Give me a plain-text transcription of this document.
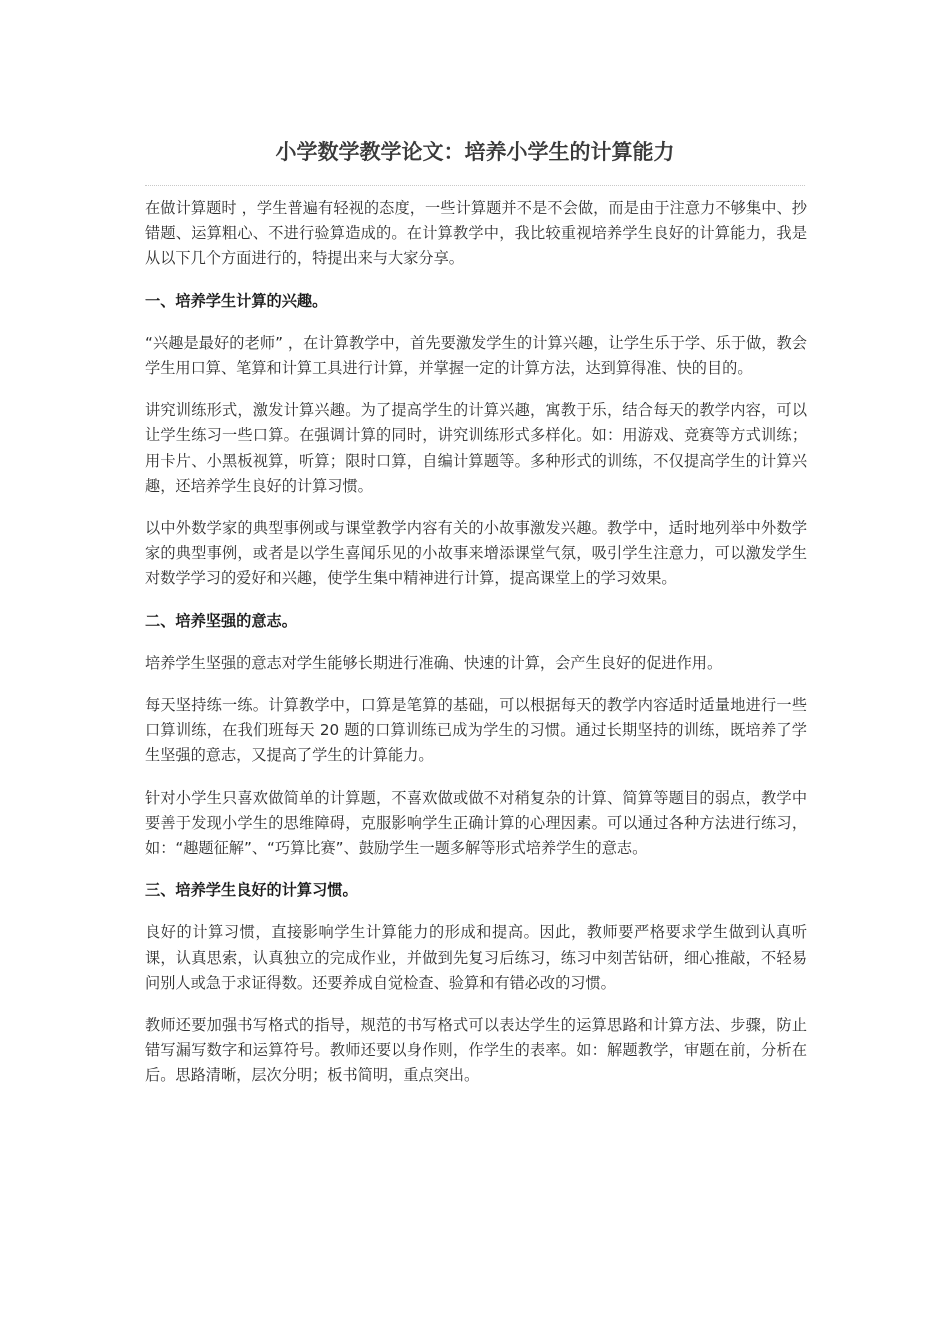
小学数学教学论文：培养小学生的计算能力

在做计算题时 ，学生普遍有轻视的态度，一些计算题并不是不会做，而是由于注意力不够集中、抄错题、运算粗心、不进行验算造成的。在计算教学中，我比较重视培养学生良好的计算能力，我是从以下几个方面进行的，特提出来与大家分享。

一、培养学生计算的兴趣。

“兴趣是最好的老师” ，在计算教学中，首先要激发学生的计算兴趣，让学生乐于学、乐于做，教会学生用口算、笔算和计算工具进行计算，并掌握一定的计算方法，达到算得准、快的目的。

讲究训练形式，激发计算兴趣。为了提高学生的计算兴趣，寓教于乐，结合每天的教学内容，可以让学生练习一些口算。在强调计算的同时，讲究训练形式多样化。如：用游戏、竞赛等方式训练；用卡片、小黑板视算，听算；限时口算，自编计算题等。多种形式的训练，不仅提高学生的计算兴趣，还培养学生良好的计算习惯。

以中外数学家的典型事例或与课堂教学内容有关的小故事激发兴趣。教学中，适时地列举中外数学家的典型事例，或者是以学生喜闻乐见的小故事来增添课堂气氛，吸引学生注意力，可以激发学生对数学学习的爱好和兴趣，使学生集中精神进行计算，提高课堂上的学习效果。

二、培养坚强的意志。

培养学生坚强的意志对学生能够长期进行准确、快速的计算，会产生良好的促进作用。

每天坚持练一练。计算教学中，口算是笔算的基础，可以根据每天的教学内容适时适量地进行一些口算训练，在我们班每天 20 题的口算训练已成为学生的习惯。通过长期坚持的训练，既培养了学生坚强的意志，又提高了学生的计算能力。

针对小学生只喜欢做简单的计算题，不喜欢做或做不对稍复杂的计算、简算等题目的弱点，教学中要善于发现小学生的思维障碍，克服影响学生正确计算的心理因素。可以通过各种方法进行练习，如：“趣题征解”、“巧算比赛”、鼓励学生一题多解等形式培养学生的意志。

三、培养学生良好的计算习惯。

良好的计算习惯，直接影响学生计算能力的形成和提高。因此，教师要严格要求学生做到认真听课，认真思索，认真独立的完成作业，并做到先复习后练习，练习中刻苦钻研，细心推敲，不轻易问别人或急于求证得数。还要养成自觉检查、验算和有错必改的习惯。

教师还要加强书写格式的指导，规范的书写格式可以表达学生的运算思路和计算方法、步骤，防止错写漏写数字和运算符号。教师还要以身作则，作学生的表率。如：解题教学，审题在前，分析在后。思路清晰，层次分明；板书简明，重点突出。
